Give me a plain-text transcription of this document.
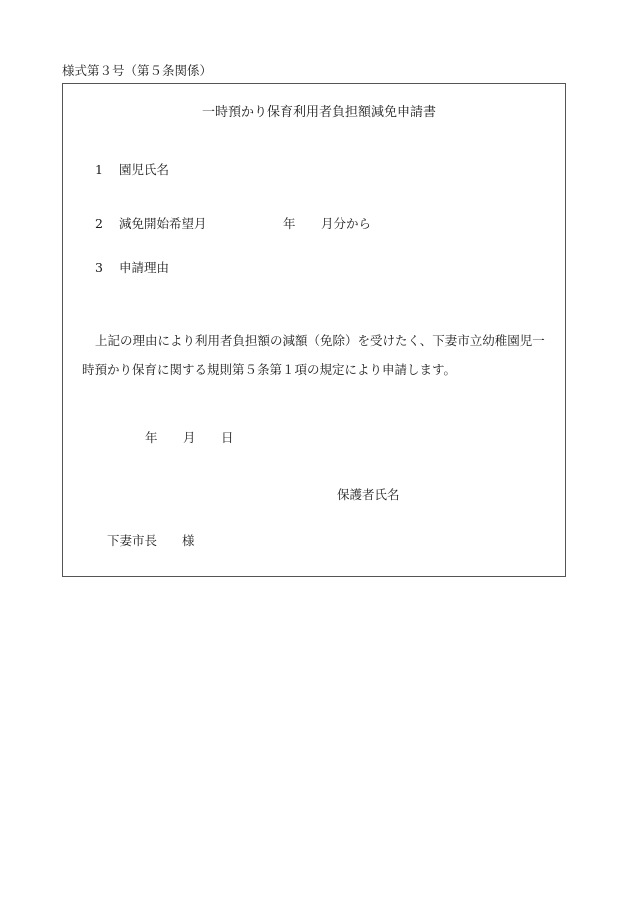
様式第３号（第５条関係）
一時預かり保育利用者負担額減免申請書
1 園児氏名
2 減免開始希望月	年 月分から
3 申請理由
上記の理由により利用者負担額の減額（免除）を受けたく、下妻市立幼稚園児一
時預かり保育に関する規則第５条第１項の規定により申請します。
年 月 日
保護者氏名
下妻市長 様
